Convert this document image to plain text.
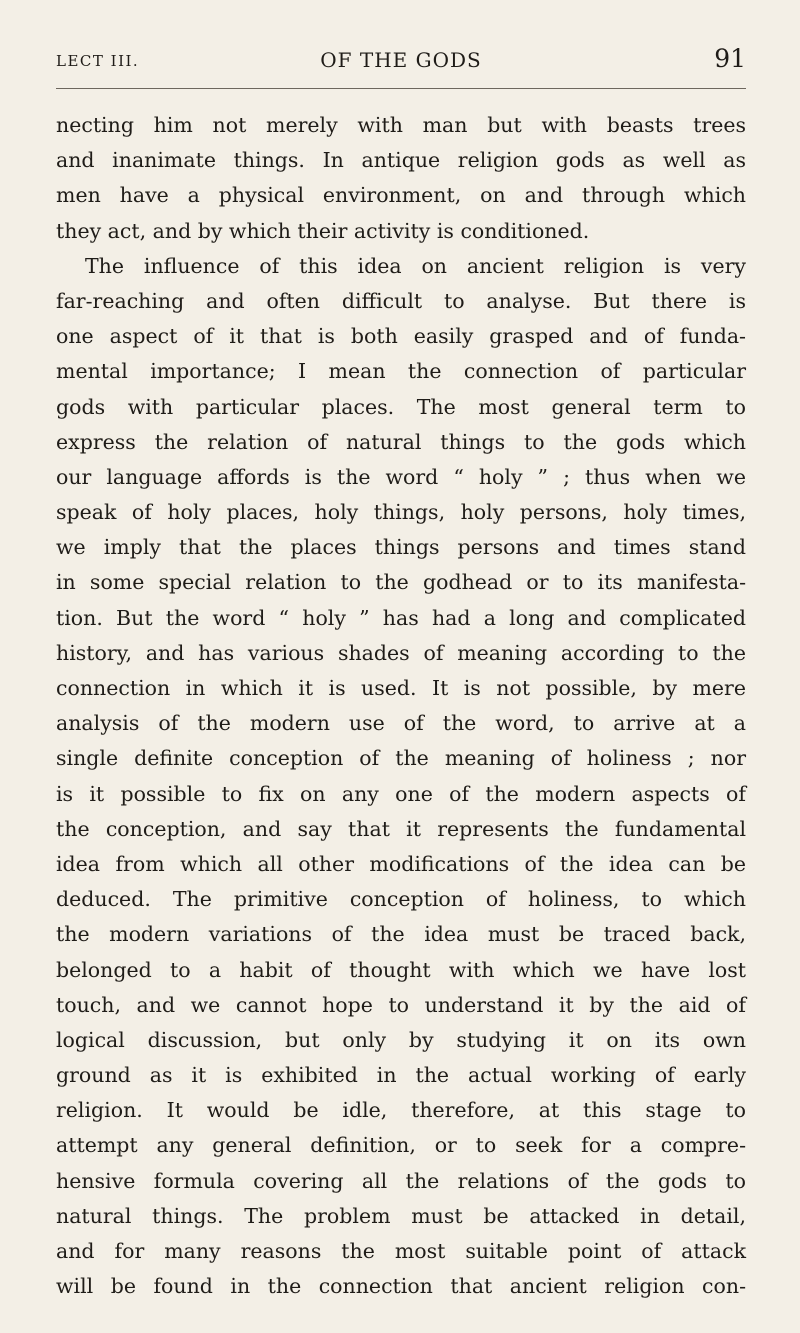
LECT III.	OF THE GODS	91
necting him not merely with man but with beasts trees
and inanimate things. In antique religion gods as well as
men have a physical environment, on and through which
they act, and by which their activity is conditioned.
The influence of this idea on ancient religion is very
far-reaching and often difficult to analyse. But there is
one aspect of it that is both easily grasped and of funda-
mental importance; I mean the connection of particular
gods with particular places. The most general term to
express the relation of natural things to the gods which
our language affords is the word “ holy ” ; thus when we
speak of holy places, holy things, holy persons, holy times,
we imply that the places things persons and times stand
in some special relation to the godhead or to its manifesta-
tion. But the word “ holy ” has had a long and complicated
history, and has various shades of meaning according to the
connection in which it is used. It is not possible, by mere
analysis of the modern use of the word, to arrive at a
single definite conception of the meaning of holiness ; nor
is it possible to fix on any one of the modern aspects of
the conception, and say that it represents the fundamental
idea from which all other modifications of the idea can be
deduced. The primitive conception of holiness, to which
the modern variations of the idea must be traced back,
belonged to a habit of thought with which we have lost
touch, and we cannot hope to understand it by the aid of
logical discussion, but only by studying it on its own
ground as it is exhibited in the actual working of early
religion. It would be idle, therefore, at this stage to
attempt any general definition, or to seek for a compre-
hensive formula covering all the relations of the gods to
natural things. The problem must be attacked in detail,
and for many reasons the most suitable point of attack
will be found in the connection that ancient religion con-
